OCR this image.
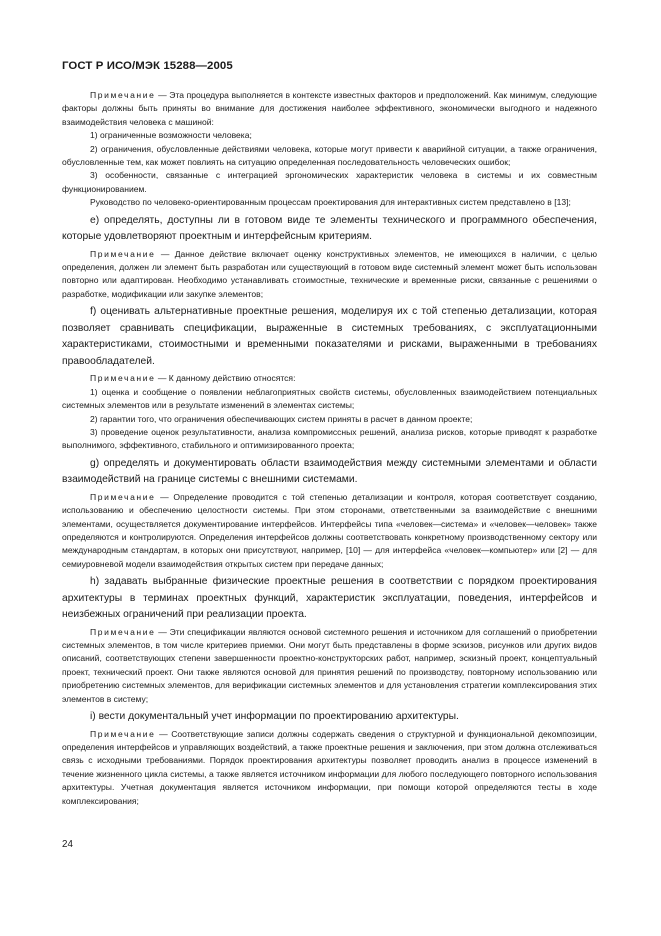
ГОСТ Р ИСО/МЭК 15288—2005

Примечание — Эта процедура выполняется в контексте известных факторов и предположений. Как минимум, следующие факторы должны быть приняты во внимание для достижения наиболее эффективного, экономически выгодного и надежного взаимодействия человека с машиной:

1) ограниченные возможности человека;

2) ограничения, обусловленные действиями человека, которые могут привести к аварийной ситуации, а также ограничения, обусловленные тем, как может повлиять на ситуацию определенная последовательность человеческих ошибок;

3) особенности, связанные с интеграцией эргономических характеристик человека в системы и их совместным функционированием.

Руководство по человеко-ориентированным процессам проектирования для интерактивных систем представлено в [13];

e) определять, доступны ли в готовом виде те элементы технического и программного обеспечения, которые удовлетворяют проектным и интерфейсным критериям.

Примечание — Данное действие включает оценку конструктивных элементов, не имеющихся в наличии, с целью определения, должен ли элемент быть разработан или существующий в готовом виде системный элемент может быть использован повторно или адаптирован. Необходимо устанавливать стоимостные, технические и временные риски, связанные с решениями о разработке, модификации или закупке элементов;

f) оценивать альтернативные проектные решения, моделируя их с той степенью детализации, которая позволяет сравнивать спецификации, выраженные в системных требованиях, с эксплуатационными характеристиками, стоимостными и временными показателями и рисками, выраженными в требованиях правообладателей.

Примечание — К данному действию относятся:

1) оценка и сообщение о появлении неблагоприятных свойств системы, обусловленных взаимодействием потенциальных системных элементов или в результате изменений в элементах системы;

2) гарантии того, что ограничения обеспечивающих систем приняты в расчет в данном проекте;

3) проведение оценок результативности, анализа компромиссных решений, анализа рисков, которые приводят к разработке выполнимого, эффективного, стабильного и оптимизированного проекта;

g) определять и документировать области взаимодействия между системными элементами и области взаимодействий на границе системы с внешними системами.

Примечание — Определение проводится с той степенью детализации и контроля, которая соответствует созданию, использованию и обеспечению целостности системы. При этом сторонами, ответственными за взаимодействие с внешними элементами, осуществляется документирование интерфейсов. Интерфейсы типа «человек—система» и «человек—человек» также определяются и контролируются. Определения интерфейсов должны соответствовать конкретному производственному сектору или международным стандартам, в которых они присутствуют, например, [10] — для интерфейса «человек—компьютер» или [2] — для семиуровневой модели взаимодействия открытых систем при передаче данных;

h) задавать выбранные физические проектные решения в соответствии с порядком проектирования архитектуры в терминах проектных функций, характеристик эксплуатации, поведения, интерфейсов и неизбежных ограничений при реализации проекта.

Примечание — Эти спецификации являются основой системного решения и источником для соглашений о приобретении системных элементов, в том числе критериев приемки. Они могут быть представлены в форме эскизов, рисунков или других видов описаний, соответствующих степени завершенности проектно-конструкторских работ, например, эскизный проект, концептуальный проект, технический проект. Они также являются основой для принятия решений по производству, повторному использованию или приобретению системных элементов, для верификации системных элементов и для установления стратегии комплексирования этих элементов в систему;

i) вести документальный учет информации по проектированию архитектуры.

Примечание — Соответствующие записи должны содержать сведения о структурной и функциональной декомпозиции, определения интерфейсов и управляющих воздействий, а также проектные решения и заключения, при этом должна отслеживаться связь с исходными требованиями. Порядок проектирования архитектуры позволяет проводить анализ в процессе изменений в течение жизненного цикла системы, а также является источником информации для любого последующего повторного использования архитектуры. Учетная документация является источником информации, при помощи которой определяются тесты в ходе комплексирования;

24
